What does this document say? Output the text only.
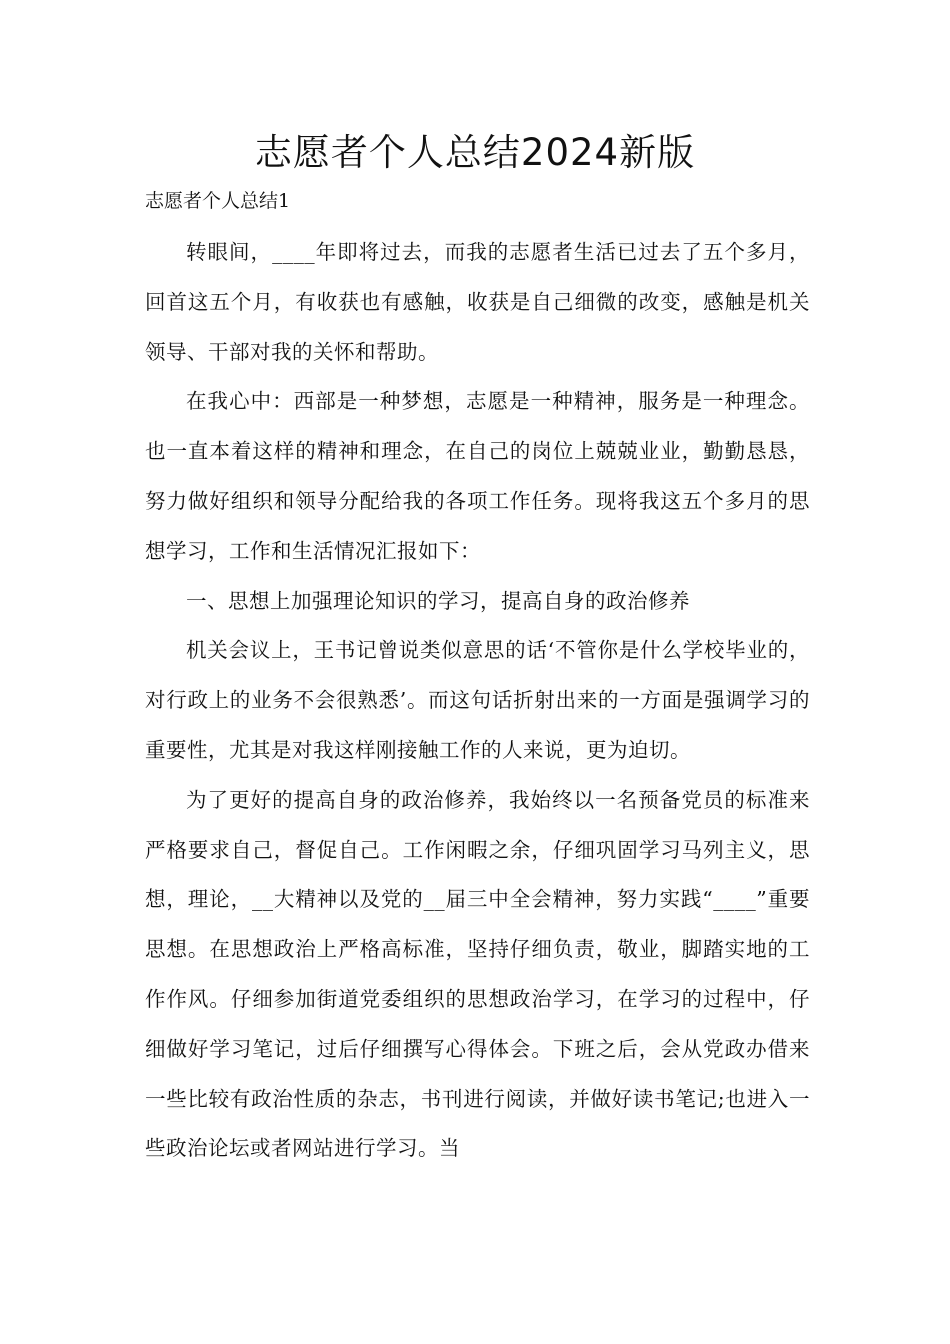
志愿者个人总结2024新版
志愿者个人总结1

转眼间，____年即将过去，而我的志愿者生活已过去了五个多月，回首这五个月，有收获也有感触，收获是自己细微的改变，感触是机关领导、干部对我的关怀和帮助。

在我心中：西部是一种梦想，志愿是一种精神，服务是一种理念。也一直本着这样的精神和理念，在自己的岗位上兢兢业业，勤勤恳恳，努力做好组织和领导分配给我的各项工作任务。现将我这五个多月的思想学习，工作和生活情况汇报如下：

一、思想上加强理论知识的学习，提高自身的政治修养

机关会议上，王书记曾说类似意思的话‘不管你是什么学校毕业的，对行政上的业务不会很熟悉’。而这句话折射出来的一方面是强调学习的重要性，尤其是对我这样刚接触工作的人来说，更为迫切。

为了更好的提高自身的政治修养，我始终以一名预备党员的标准来严格要求自己，督促自己。工作闲暇之余，仔细巩固学习马列主义，思想，理论，__大精神以及党的__届三中全会精神，努力实践“____”重要思想。在思想政治上严格高标准，坚持仔细负责，敬业，脚踏实地的工作作风。仔细参加街道党委组织的思想政治学习，在学习的过程中，仔细做好学习笔记，过后仔细撰写心得体会。下班之后，会从党政办借来一些比较有政治性质的杂志，书刊进行阅读，并做好读书笔记;也进入一些政治论坛或者网站进行学习。当
